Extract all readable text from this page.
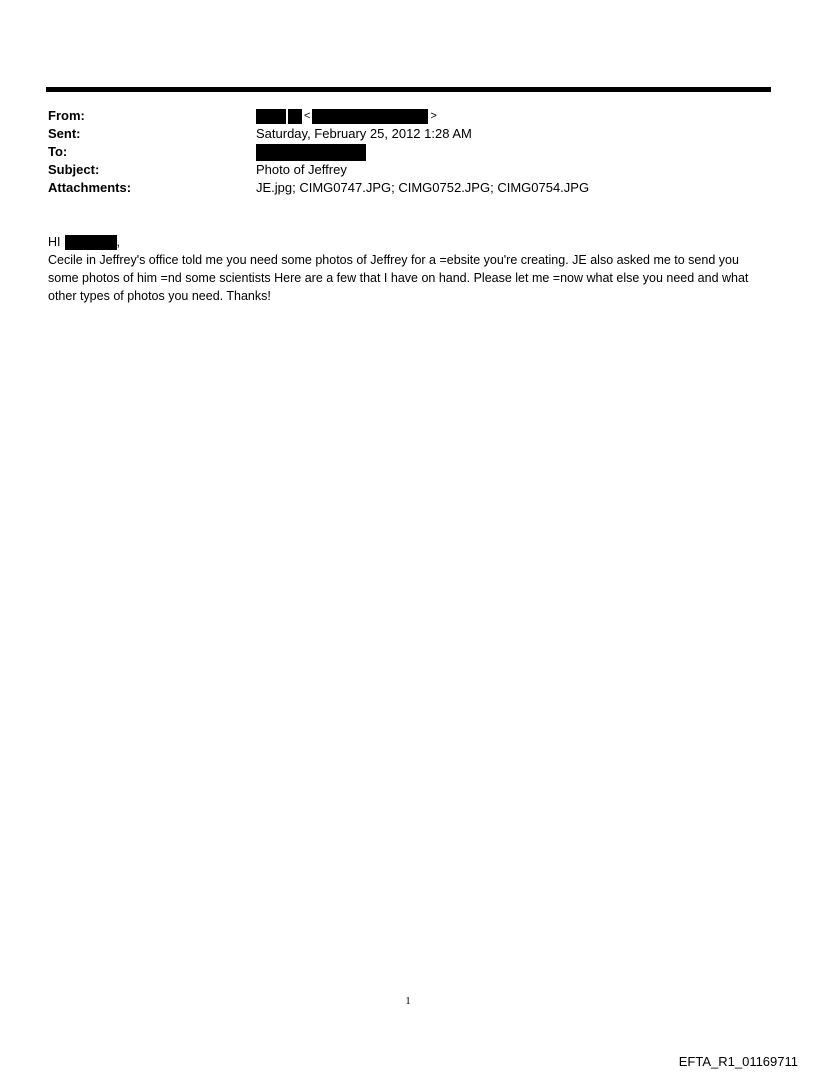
From:	<	>
Sent:	Saturday, February 25, 2012 1:28 AM
To:
Subject:	Photo of Jeffrey
Attachments:	JE.jpg; CIMG0747.JPG; CIMG0752.JPG; CIMG0754.JPG
HI	,

Cecile in Jeffrey's office told me you need some photos of Jeffrey for a =ebsite you're creating. JE also asked me to send you some photos of him =nd some scientists Here are a few that I have on hand. Please let me =now what else you need and what other types of photos you need. Thanks!

1
EFTA_R1_01169711
